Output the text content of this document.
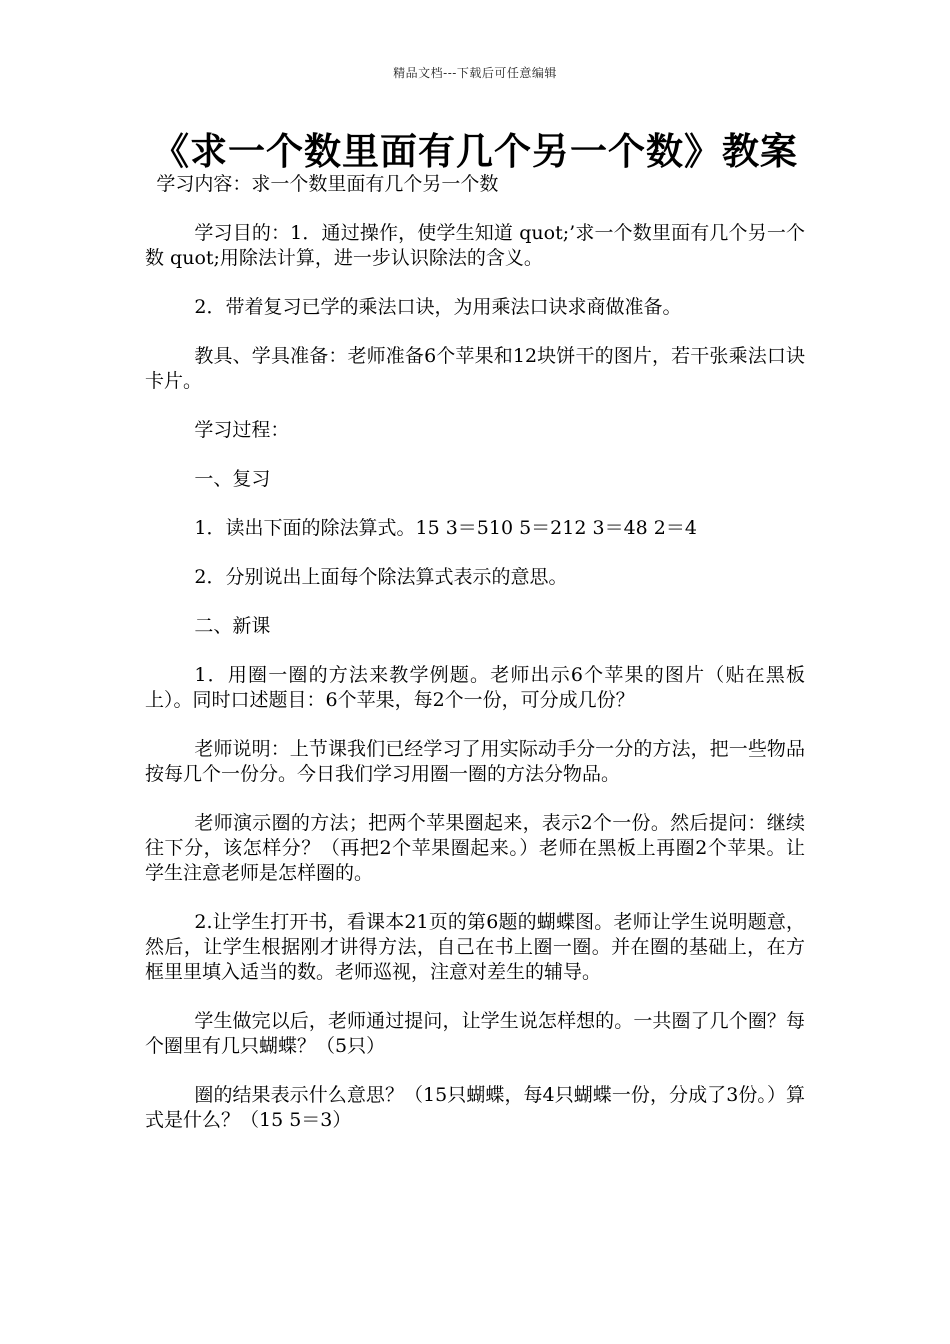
精品文档---下载后可任意编辑
《求一个数里面有几个另一个数》教案

学习内容：求一个数里面有几个另一个数

学习目的：1．通过操作，使学生知道 quot;’求一个数里面有几个另一个数 quot;用除法计算，进一步认识除法的含义。

2．带着复习已学的乘法口诀，为用乘法口诀求商做准备。

教具、学具准备：老师准备6个苹果和12块饼干的图片，若干张乘法口诀卡片。

学习过程：

一、复习

1．读出下面的除法算式。15 3＝510 5＝212 3＝48 2＝4

2．分别说出上面每个除法算式表示的意思。

二、新课

1．用圈一圈的方法来教学例题。老师出示6个苹果的图片（贴在黑板上）。同时口述题目：6个苹果，每2个一份，可分成几份？

老师说明：上节课我们已经学习了用实际动手分一分的方法，把一些物品按每几个一份分。今日我们学习用圈一圈的方法分物品。

老师演示圈的方法；把两个苹果圈起来，表示2个一份。然后提问：继续往下分，该怎样分？（再把2个苹果圈起来。）老师在黑板上再圈2个苹果。让学生注意老师是怎样圈的。

2.让学生打开书，看课本21页的第6题的蝴蝶图。老师让学生说明题意，然后，让学生根据刚才讲得方法，自己在书上圈一圈。并在圈的基础上，在方框里里填入适当的数。老师巡视，注意对差生的辅导。

学生做完以后，老师通过提问，让学生说怎样想的。一共圈了几个圈？每个圈里有几只蝴蝶？（5只）

圈的结果表示什么意思？（15只蝴蝶，每4只蝴蝶一份，分成了3份。）算式是什么？（15 5＝3）
